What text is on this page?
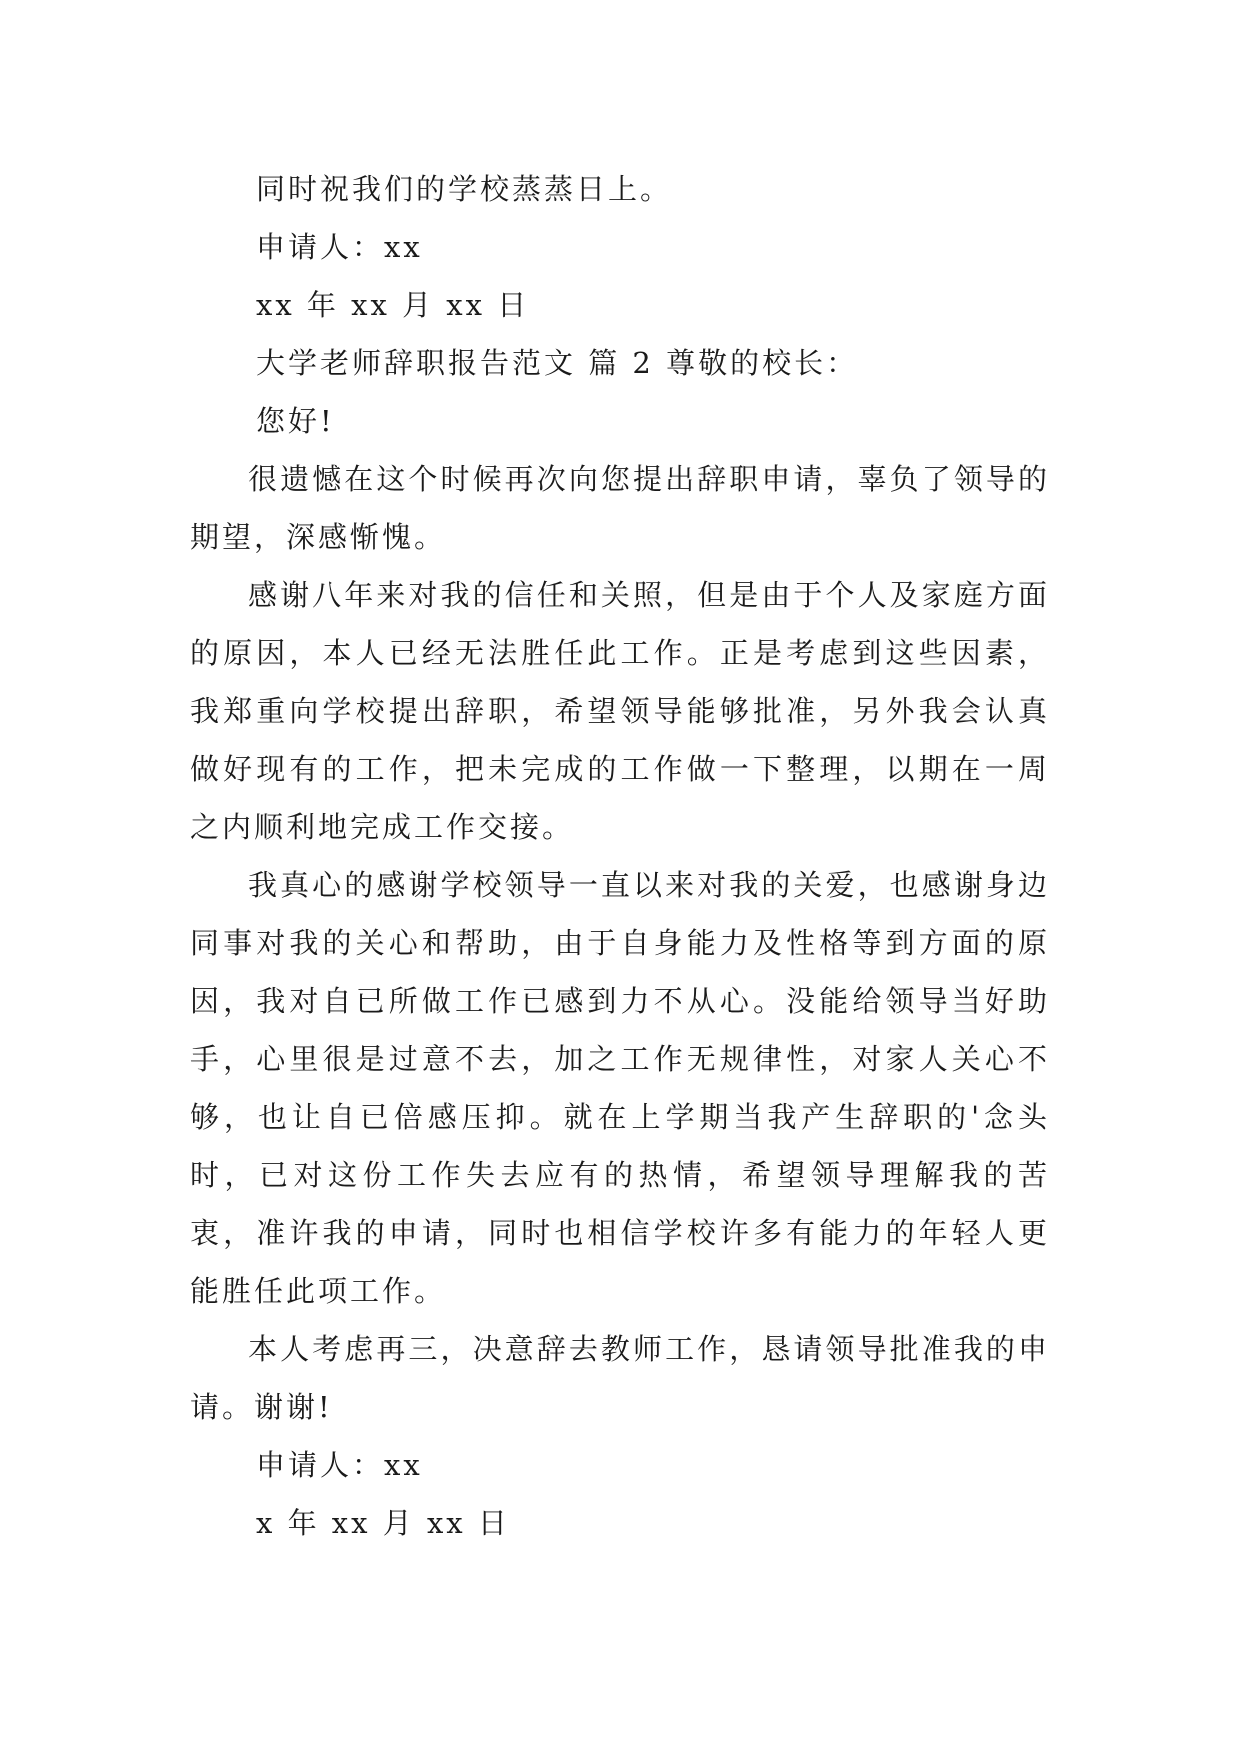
同时祝我们的学校蒸蒸日上。

申请人：xx

xx 年 xx 月 xx 日

大学老师辞职报告范文 篇 2 尊敬的校长：

您好!

很遗憾在这个时候再次向您提出辞职申请，辜负了领导的期望，深感惭愧。

感谢八年来对我的信任和关照，但是由于个人及家庭方面的原因，本人已经无法胜任此工作。正是考虑到这些因素，我郑重向学校提出辞职，希望领导能够批准，另外我会认真做好现有的工作，把未完成的工作做一下整理，以期在一周之内顺利地完成工作交接。

我真心的感谢学校领导一直以来对我的关爱，也感谢身边同事对我的关心和帮助，由于自身能力及性格等到方面的原因，我对自已所做工作已感到力不从心。没能给领导当好助手，心里很是过意不去，加之工作无规律性，对家人关心不够，也让自已倍感压抑。就在上学期当我产生辞职的'念头时，已对这份工作失去应有的热情，希望领导理解我的苦衷，准许我的申请，同时也相信学校许多有能力的年轻人更能胜任此项工作。

本人考虑再三，决意辞去教师工作，恳请领导批准我的申请。谢谢!

申请人：xx

x 年 xx 月 xx 日
